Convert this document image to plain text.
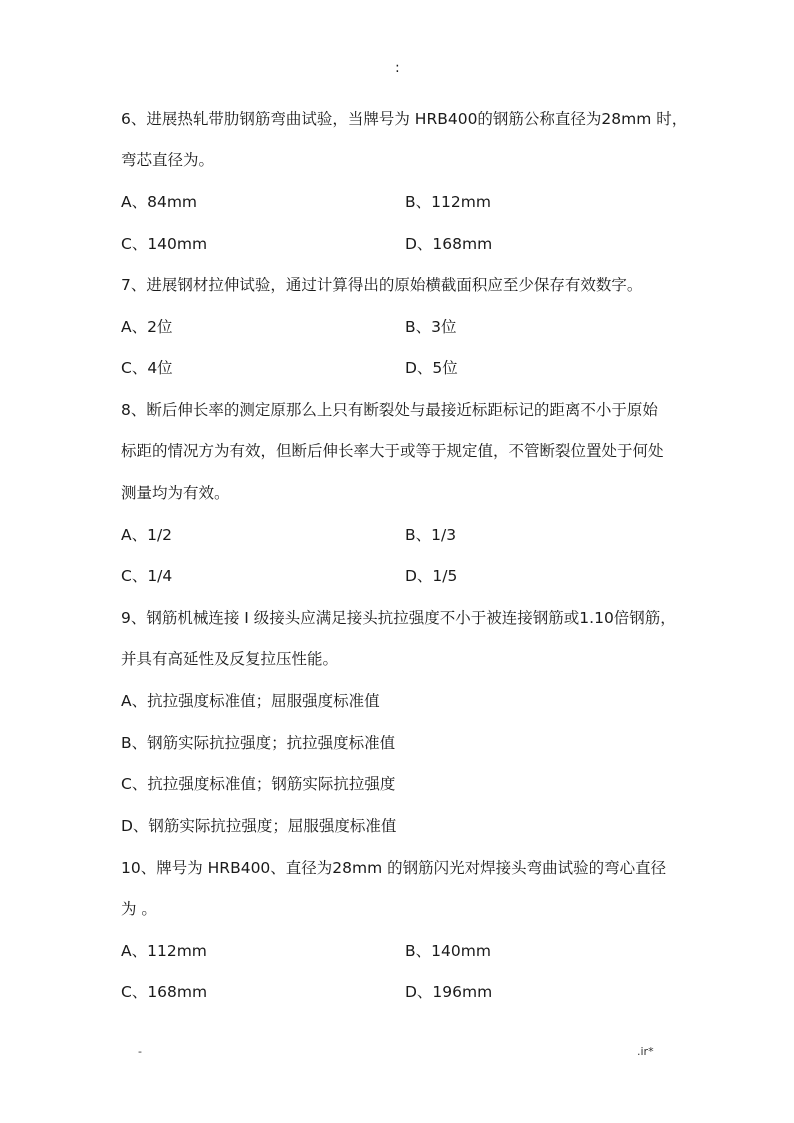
:
6、进展热轧带肋钢筋弯曲试验，当牌号为 HRB400的钢筋公称直径为28mm 时，
弯芯直径为。
A、84mm	B、112mm
C、140mm	D、168mm
7、进展钢材拉伸试验，通过计算得出的原始横截面积应至少保存有效数字。
A、2位	B、3位
C、4位	D、5位
8、断后伸长率的测定原那么上只有断裂处与最接近标距标记的距离不小于原始
标距的情况方为有效，但断后伸长率大于或等于规定值，不管断裂位置处于何处
测量均为有效。
A、1/2	B、1/3
C、1/4	D、1/5
9、钢筋机械连接 I 级接头应满足接头抗拉强度不小于被连接钢筋或1.10倍钢筋，
并具有高延性及反复拉压性能。
A、抗拉强度标准值；屈服强度标准值
B、钢筋实际抗拉强度；抗拉强度标准值
C、抗拉强度标准值；钢筋实际抗拉强度
D、钢筋实际抗拉强度；屈服强度标准值
10、牌号为 HRB400、直径为28mm 的钢筋闪光对焊接头弯曲试验的弯心直径
为 。
A、112mm	B、140mm
C、168mm	D、196mm
-	.ir*
